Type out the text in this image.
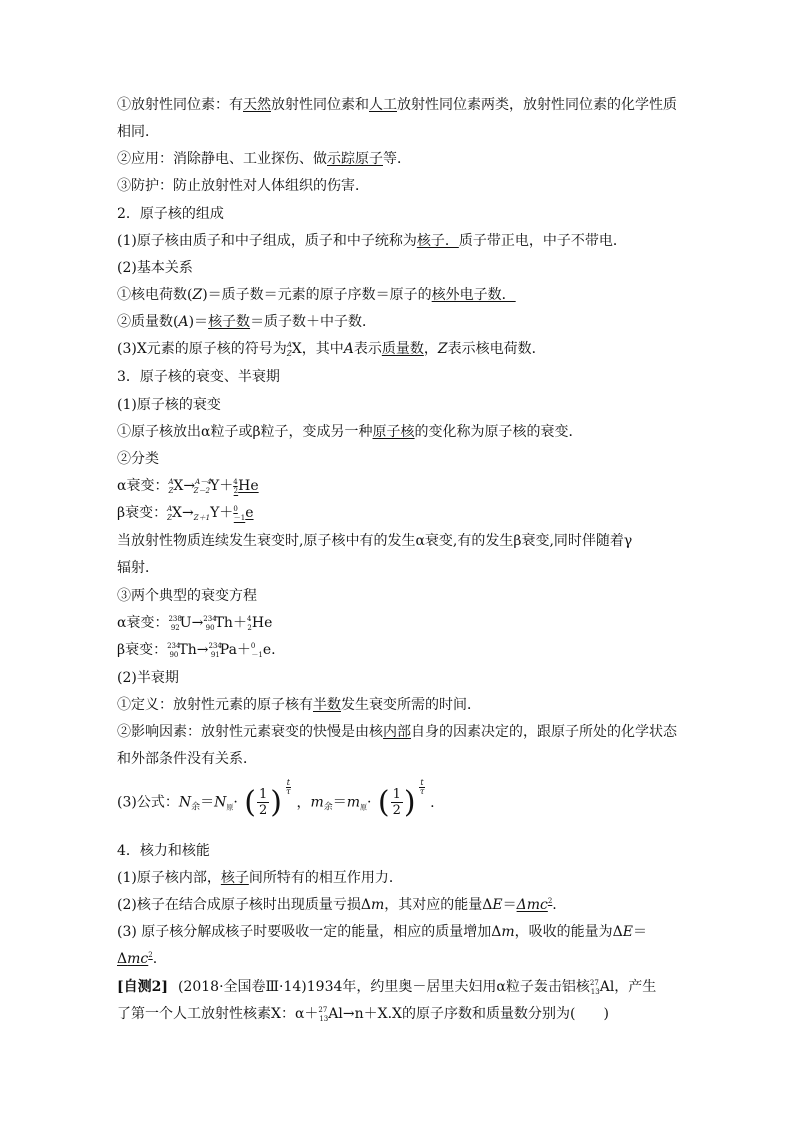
①放射性同位素：有天然放射性同位素和人工放射性同位素两类，放射性同位素的化学性质
相同．
②应用：消除静电、工业探伤、做示踪原子等．
③防护：防止放射性对人体组织的伤害．
2．原子核的组成
(1)原子核由质子和中子组成，质子和中子统称为核子．质子带正电，中子不带电．
(2)基本关系
①核电荷数(Z)＝质子数＝元素的原子序数＝原子的核外电子数．
②质量数(A)＝核子数＝质子数＋中子数．
(3)X元素的原子核的符号为$^A_Z$X，其中A表示质量数，Z表示核电荷数．
3．原子核的衰变、半衰期
(1)原子核的衰变
①原子核放出α粒子或β粒子，变成另一种原子核的变化称为原子核的衰变．
②分类
α衰变：$^A_Z$X→$^{A-4}_{Z-2}$Y＋$^4_2$He
β衰变：$^A_ZX\to_{Z+1}Y+^0_{-1}e$
当放射性物质连续发生衰变时,原子核中有的发生α衰变,有的发生β衰变,同时伴随着γ
辐射．
③两个典型的衰变方程
α衰变：$^{238}_{92}$U→$^{234}_{90}$Th＋$^4_2$He
β衰变：$^{234}_{90}$Th→$^{234}_{91}$Pa＋$^0_{-1}$e.
(2)半衰期
①定义：放射性元素的原子核有半数发生衰变所需的时间．
②影响因素：放射性元素衰变的快慢是由核内部自身的因素决定的，跟原子所处的化学状态
和外部条件没有关系．
(3)公式：$N_余=N_原\cdot$ ( 1
2 )
t
τ
，$m_余=m_原\cdot$ ( 1
2 )
t
τ
.
4．核力和核能
(1)原子核内部，核子间所特有的相互作用力．
(2)核子在结合成原子核时出现质量亏损Δm，其对应的能量ΔE＝Δmc$^2$.
(3) 原子核分解成核子时要吸收一定的能量，相应的质量增加Δm，吸收的能量为ΔE＝
Δmc$^2$.
[自测2] (2018·全国卷Ⅲ·14)1934年，约里奥－居里夫妇用α粒子轰击铝核$^{27}_{13}$Al，产生
了第一个人工放射性核素X：α＋$^{27}_{13}$Al→n＋X.X的原子序数和质量数分别为(　　)
